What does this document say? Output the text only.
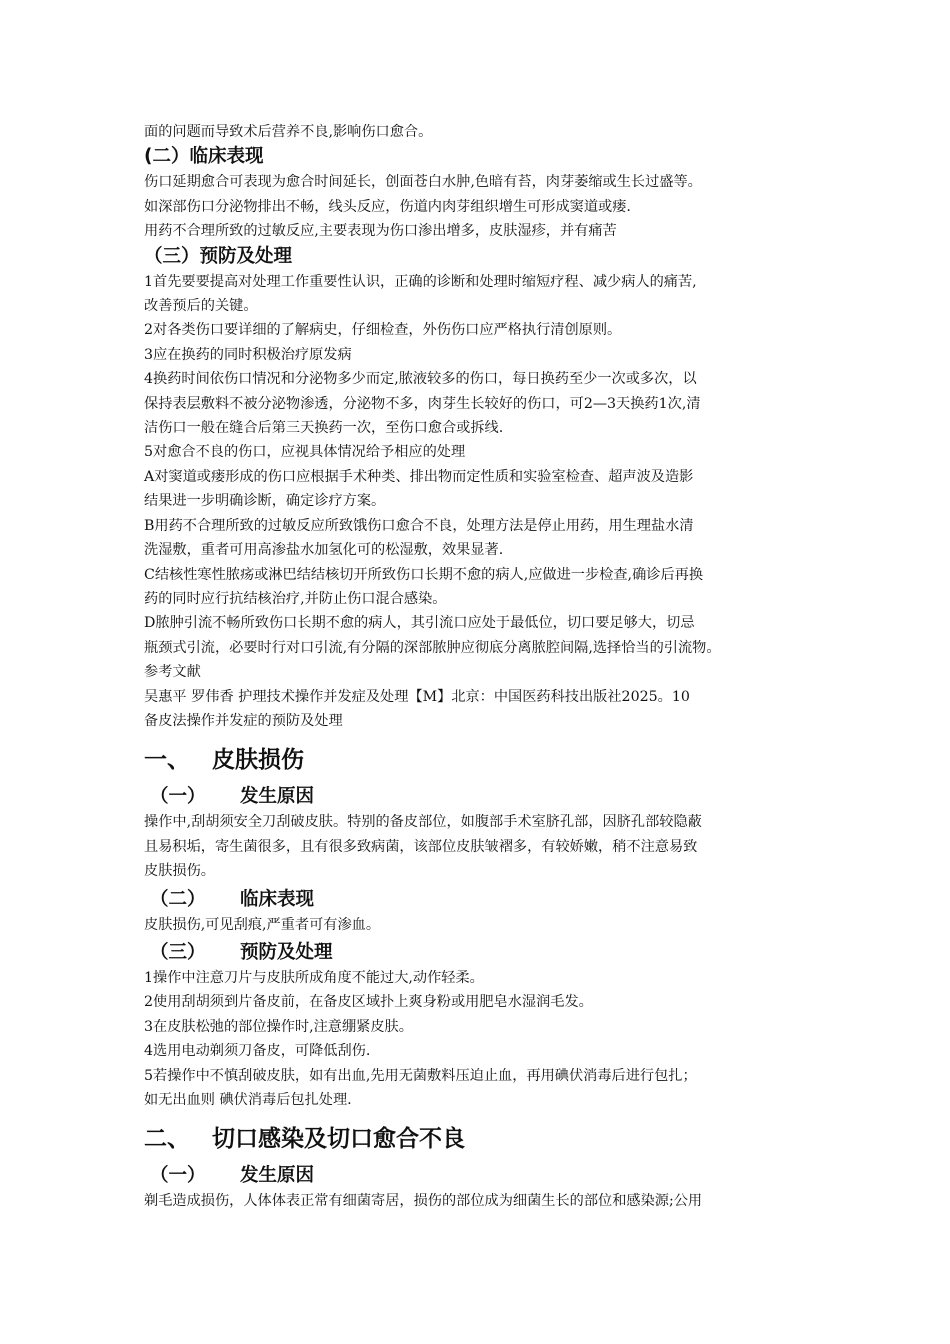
面的问题而导致术后营养不良,影响伤口愈合。

(二）临床表现

伤口延期愈合可表现为愈合时间延长，创面苍白水肿,色暗有苔，肉芽萎缩或生长过盛等。

如深部伤口分泌物排出不畅，线头反应，伤道内肉芽组织增生可形成窦道或瘘.

用药不合理所致的过敏反应,主要表现为伤口渗出增多，皮肤湿疹，并有痛苦

（三）预防及处理

1首先要要提高对处理工作重要性认识，正确的诊断和处理时缩短疗程、减少病人的痛苦,

改善预后的关键。

2对各类伤口要详细的了解病史，仔细检查，外伤伤口应严格执行清创原则。

3应在换药的同时积极治疗原发病

4换药时间依伤口情况和分泌物多少而定,脓液较多的伤口，每日换药至少一次或多次，以

保持表层敷料不被分泌物渗透，分泌物不多，肉芽生长较好的伤口，可2—3天换药1次,清

洁伤口一般在缝合后第三天换药一次，至伤口愈合或拆线.

5对愈合不良的伤口，应视具体情况给予相应的处理

A对窦道或瘘形成的伤口应根据手术种类、排出物而定性质和实验室检查、超声波及造影

结果进一步明确诊断，确定诊疗方案。

B用药不合理所致的过敏反应所致饿伤口愈合不良，处理方法是停止用药，用生理盐水清

洗湿敷，重者可用高渗盐水加氢化可的松湿敷，效果显著.

C结核性寒性脓疡或淋巴结结核切开所致伤口长期不愈的病人,应做进一步检查,确诊后再换

药的同时应行抗结核治疗,并防止伤口混合感染。

D脓肿引流不畅所致伤口长期不愈的病人，其引流口应处于最低位，切口要足够大，切忌

瓶颈式引流，必要时行对口引流,有分隔的深部脓肿应彻底分离脓腔间隔,选择恰当的引流物。

参考文献

吴惠平 罗伟香 护理技术操作并发症及处理【M】北京：中国医药科技出版社2025。10

备皮法操作并发症的预防及处理

一、 皮肤损伤

（一） 发生原因

操作中,刮胡须安全刀刮破皮肤。特别的备皮部位，如腹部手术室脐孔部，因脐孔部较隐蔽

且易积垢，寄生菌很多，且有很多致病菌，该部位皮肤皱褶多，有较娇嫩，稍不注意易致

皮肤损伤。

（二） 临床表现

皮肤损伤,可见刮痕,严重者可有渗血。

（三） 预防及处理

1操作中注意刀片与皮肤所成角度不能过大,动作轻柔。

2使用刮胡须到片备皮前，在备皮区域扑上爽身粉或用肥皂水湿润毛发。

3在皮肤松弛的部位操作时,注意绷紧皮肤。

4选用电动剃须刀备皮，可降低刮伤.

5若操作中不慎刮破皮肤，如有出血,先用无菌敷料压迫止血，再用碘伏消毒后进行包扎；

如无出血则 碘伏消毒后包扎处理.

二、 切口感染及切口愈合不良

（一） 发生原因

剃毛造成损伤，人体体表正常有细菌寄居，损伤的部位成为细菌生长的部位和感染源;公用
